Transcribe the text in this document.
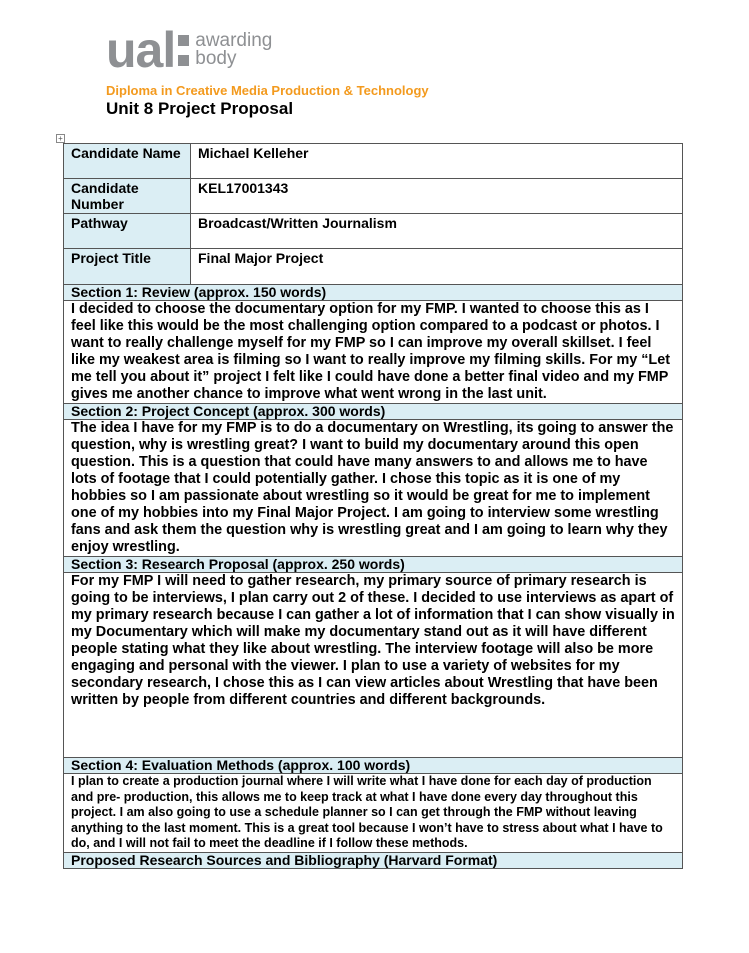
ual awarding
body
Diploma in Creative Media Production & Technology
Unit 8 Project Proposal
+
Candidate Name	Michael Kelleher
Candidate Number	KEL17001343
Pathway	Broadcast/Written Journalism
Project Title	Final Major Project
Section 1: Review (approx. 150 words)	
I decided to choose the documentary option for my FMP. I wanted to choose this as I feel like this would be the most challenging option compared to a podcast or photos. I want to really challenge myself for my FMP so I can improve my overall skillset. I feel like my weakest area is filming so I want to really improve my filming skills. For my “Let me tell you about it” project I felt like I could have done a better final video and my FMP gives me another chance to improve what went wrong in the last unit.	
Section 2: Project Concept (approx. 300 words)	
The idea I have for my FMP is to do a documentary on Wrestling, its going to answer the question, why is wrestling great? I want to build my documentary around this open question. This is a question that could have many answers to and allows me to have lots of footage that I could potentially gather. I chose this topic as it is one of my hobbies so I am passionate about wrestling so it would be great for me to implement one of my hobbies into my Final Major Project. I am going to interview some wrestling fans and ask them the question why is wrestling great and I am going to learn why they enjoy wrestling.	
Section 3: Research Proposal (approx. 250 words)	
For my FMP I will need to gather research, my primary source of primary research is going to be interviews, I plan carry out 2 of these. I decided to use interviews as apart of my primary research because I can gather a lot of information that I can show visually in my Documentary which will make my documentary stand out as it will have different people stating what they like about wrestling. The interview footage will also be more engaging and personal with the viewer. I plan to use a variety of websites for my secondary research, I chose this as I can view articles about Wrestling that have been written by people from different countries and different backgrounds.	
Section 4: Evaluation Methods (approx. 100 words)	
I plan to create a production journal where I will write what I have done for each day of production and pre- production, this allows me to keep track at what I have done every day throughout this project. I am also going to use a schedule planner so I can get through the FMP without leaving anything to the last moment. This is a great tool because I won’t have to stress about what I have to do, and I will not fail to meet the deadline if I follow these methods.	
Proposed Research Sources and Bibliography (Harvard Format)	
